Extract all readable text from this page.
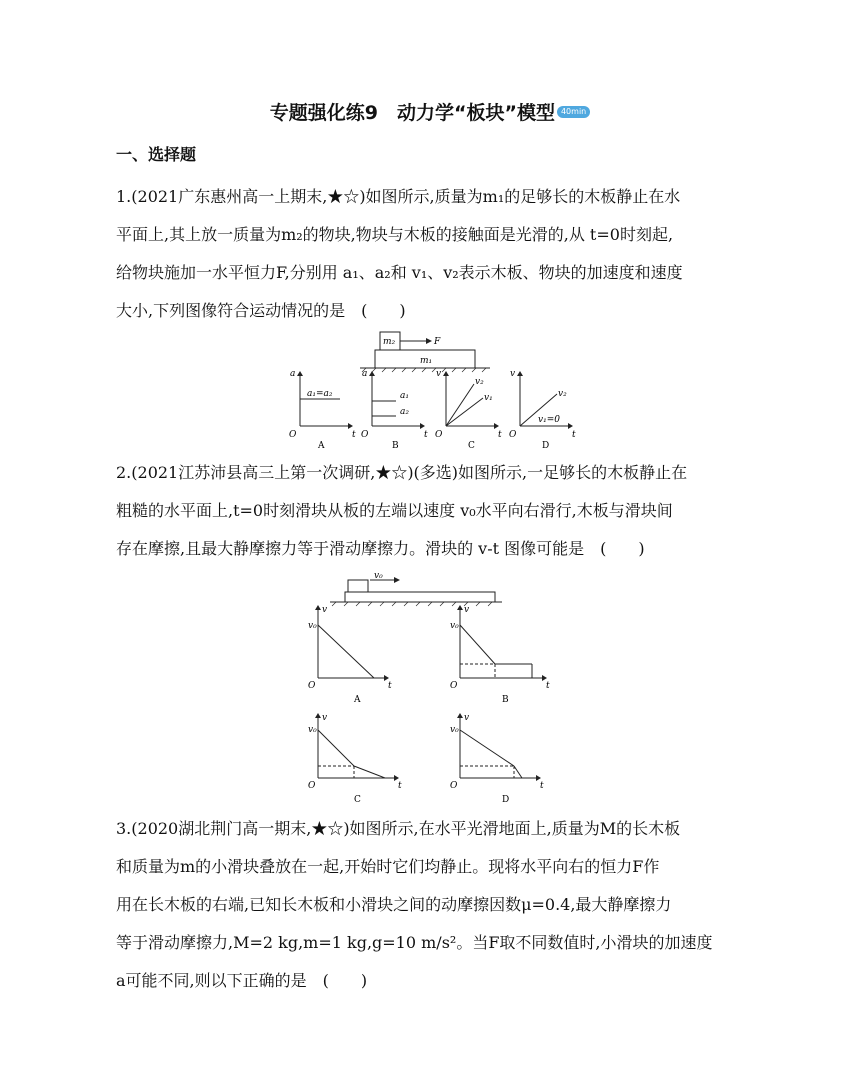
专题强化练9　动力学“板块”模型 40min
一、选择题
1.(2021广东惠州高一上期末,★☆)如图所示,质量为m₁的足够长的木板静止在水
平面上,其上放一质量为m₂的物块,物块与木板的接触面是光滑的,从 t=0时刻起,
给物块施加一水平恒力F,分别用 a₁、a₂和 v₁、v₂表示木板、物块的加速度和速度
大小,下列图像符合运动情况的是　(　　)
m₂
m₁
F
a
t
O
a₁=a₂
A
a
t
O
a₁
a₂
B
v
t
O
v₂
v₁
C
v
t
O
v₂
v₁=0
D
2.(2021江苏沛县高三上第一次调研,★☆)(多选)如图所示,一足够长的木板静止在
粗糙的水平面上,t=0时刻滑块从板的左端以速度 v₀水平向右滑行,木板与滑块间
存在摩擦,且最大静摩擦力等于滑动摩擦力。滑块的 v-t 图像可能是　(　　)
v₀
v
v₀
t
O
A
v
v₀
t
O
B
v
v₀
t
O
C
v
v₀
t
O
D
3.(2020湖北荆门高一期末,★☆)如图所示,在水平光滑地面上,质量为M的长木板
和质量为m的小滑块叠放在一起,开始时它们均静止。现将水平向右的恒力F作
用在长木板的右端,已知长木板和小滑块之间的动摩擦因数μ=0.4,最大静摩擦力
等于滑动摩擦力,M=2 kg,m=1 kg,g=10 m/s²。当F取不同数值时,小滑块的加速度
a可能不同,则以下正确的是　(　　)
